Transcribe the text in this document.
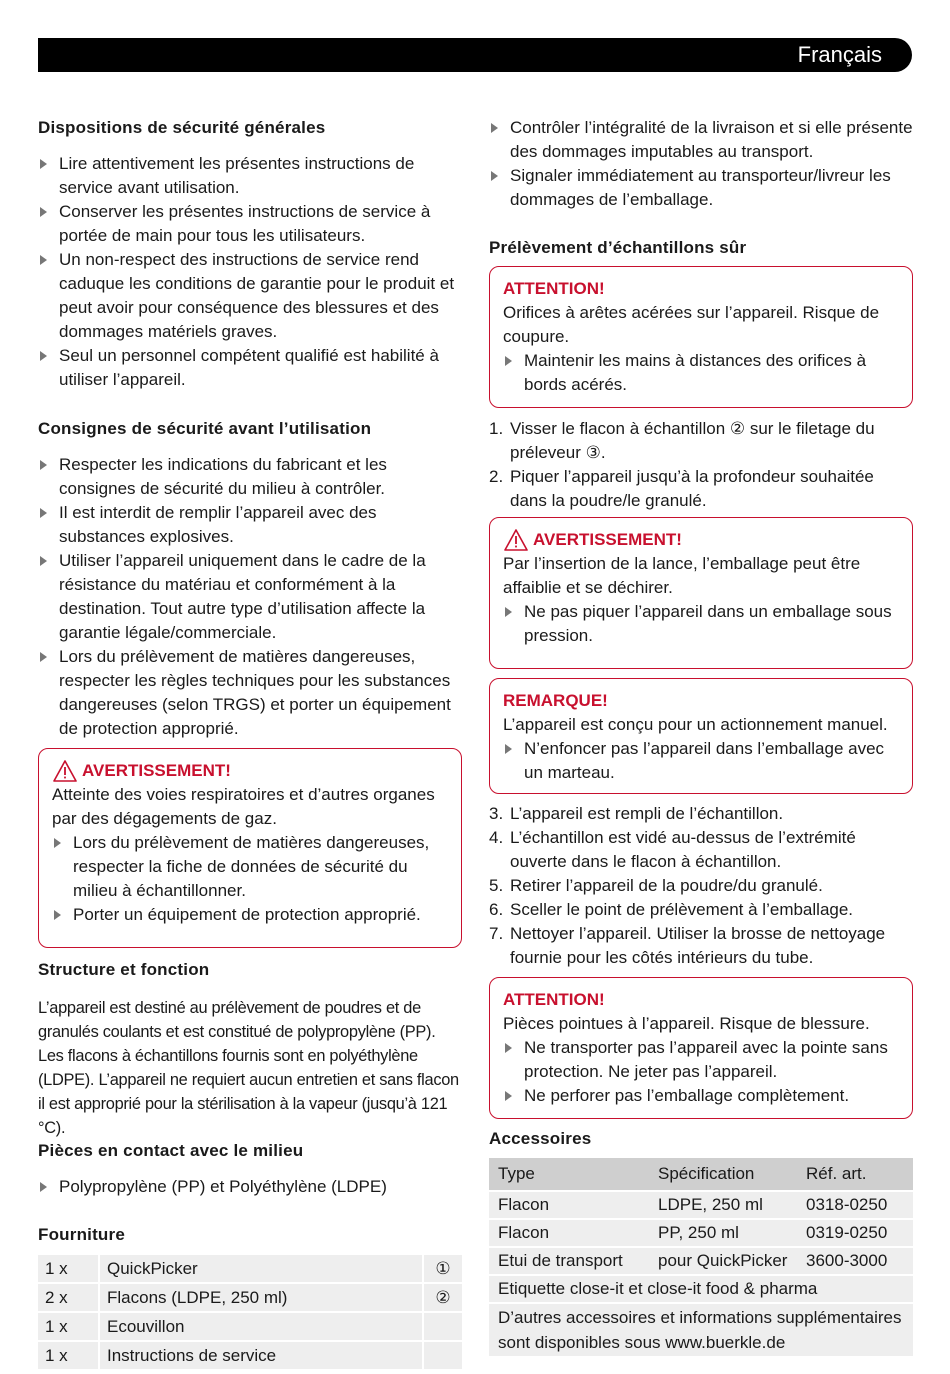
Français
Dispositions de sécurité générales
Lire attentivement les présentes instructions de service avant utilisation.
Conserver les présentes instructions de service à portée de main pour tous les utilisateurs.
Un non-respect des instructions de service rend caduque les conditions de garantie pour le produit et peut avoir pour conséquence des blessures et des dommages matériels graves.
Seul un personnel compétent qualifié est habilité à utiliser l’appareil.
Consignes de sécurité avant l’utilisation
Respecter les indications du fabricant et les consignes de sécurité du milieu à contrôler.
Il est interdit de remplir l’appareil avec des substances explosives.
Utiliser l’appareil uniquement dans le cadre de la résistance du matériau et conformément à la destination. Tout autre type d’utilisation affecte la garantie légale/commerciale.
Lors du prélèvement de matières dangereuses, respecter les règles techniques pour les substances dangereuses (selon TRGS) et porter un équipement de protection approprié.
AVERTISSEMENT!
Atteinte des voies respiratoires et d’autres organes par des dégagements de gaz.
Lors du prélèvement de matières dangereuses, respecter la fiche de données de sécurité du milieu à échantillonner.
Porter un équipement de protection approprié.
Structure et fonction

L’appareil est destiné au prélèvement de poudres et de granulés coulants et est constitué de polypropylène (PP). Les flacons à échantillons fournis sont en polyéthylène (LDPE). L’appareil ne requiert aucun entretien et sans flacon il est approprié pour la stérilisation à la vapeur (jusqu’à 121 °C).

Pièces en contact avec le milieu
Polypropylène (PP) et Polyéthylène (LDPE)
Fourniture
1 x	QuickPicker	①
2 x	Flacons (LDPE, 250 ml)	②
1 x	Ecouvillon	
1 x	Instructions de service	
Contrôler l’intégralité de la livraison et si elle présente des dommages imputables au transport.
Signaler immédiatement au transporteur/livreur les dommages de l’emballage.
Prélèvement d’échantillons sûr
ATTENTION!
Orifices à arêtes acérées sur l’appareil. Risque de coupure.
Maintenir les mains à distances des orifices à bords acérés.
1. Visser le flacon à échantillon ② sur le filetage du préleveur ③.
2. Piquer l’appareil jusqu’à la profondeur souhaitée dans la poudre/le granulé.
AVERTISSEMENT!
Par l’insertion de la lance, l’emballage peut être affaiblie et se déchirer.
Ne pas piquer l’appareil dans un emballage sous pression.
REMARQUE!
L’appareil est conçu pour un actionnement manuel.
N’enfoncer pas l’appareil dans l’emballage avec un marteau.
3. L’appareil est rempli de l’échantillon.
4. L’échantillon est vidé au-dessus de l’extrémité ouverte dans le flacon à échantillon.
5. Retirer l’appareil de la poudre/du granulé.
6. Sceller le point de prélèvement à l’emballage.
7. Nettoyer l’appareil. Utiliser la brosse de nettoyage fournie pour les côtés intérieurs du tube.
ATTENTION!
Pièces pointues à l’appareil. Risque de blessure.
Ne transporter pas l’appareil avec la pointe sans protection. Ne jeter pas l’appareil.
Ne perforer pas l’emballage complètement.
Accessoires
Type	Spécification	Réf. art.
Flacon	LDPE, 250 ml	0318-0250
Flacon	PP, 250 ml	0319-0250
Etui de transport	pour QuickPicker	3600-3000
Etiquette close-it et close-it food & pharma		
D’autres accessoires et informations supplémentaires sont disponibles sous www.buerkle.de		
